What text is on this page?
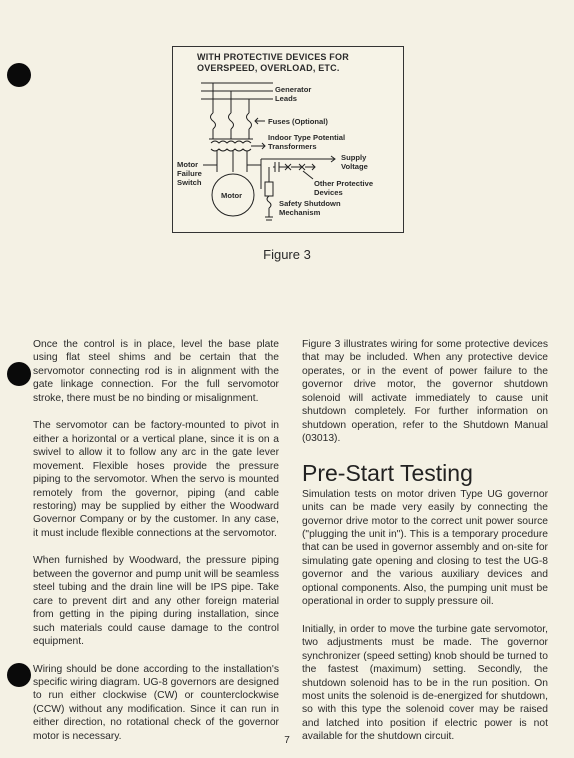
WITH PROTECTIVE DEVICES FOR
OVERSPEED, OVERLOAD, ETC.

Generator
Leads

Fuses (Optional)

Indoor Type Potential
Transformers

Supply
Voltage

Motor
Failure
Switch

Motor

Other Protective
Devices

Safety Shutdown
Mechanism

Figure 3

Once the control is in place, level the base plate using flat steel shims and be certain that the servomotor connecting rod is in alignment with the gate linkage connection. For the full servomotor stroke, there must be no binding or misalignment.

The servomotor can be factory-mounted to pivot in either a horizontal or a vertical plane, since it is on a swivel to allow it to follow any arc in the gate lever movement. Flexible hoses provide the pressure piping to the servomotor. When the servo is mounted remotely from the governor, piping (and cable restoring) may be supplied by either the Woodward Governor Company or by the customer. In any case, it must include flexible connections at the servomotor.

When furnished by Woodward, the pressure piping between the governor and pump unit will be seamless steel tubing and the drain line will be IPS pipe. Take care to prevent dirt and any other foreign material from getting in the piping during installation, since such materials could cause damage to the control equipment.

Wiring should be done according to the installation's specific wiring diagram. UG-8 governors are designed to run either clockwise (CW) or counterclockwise (CCW) without any modification. Since it can run in either direction, no rotational check of the governor motor is necessary.

Figure 3 illustrates wiring for some protective devices that may be included. When any protective device operates, or in the event of power failure to the governor drive motor, the governor shutdown solenoid will activate immediately to cause unit shutdown completely. For further information on shutdown operation, refer to the Shutdown Manual (03013).

Pre-Start Testing

Simulation tests on motor driven Type UG governor units can be made very easily by connecting the governor drive motor to the correct unit power source ("plugging the unit in"). This is a temporary procedure that can be used in governor assembly and on-site for simulating gate opening and closing to test the UG-8 governor and the various auxiliary devices and optional components. Also, the pumping unit must be operational in order to supply pressure oil.

Initially, in order to move the turbine gate servomotor, two adjustments must be made. The governor synchronizer (speed setting) knob should be turned to the fastest (maximum) setting. Secondly, the shutdown solenoid has to be in the run position. On most units the solenoid is de-energized for shutdown, so with this type the solenoid cover may be raised and latched into position if electric power is not available for the shutdown circuit.

7
